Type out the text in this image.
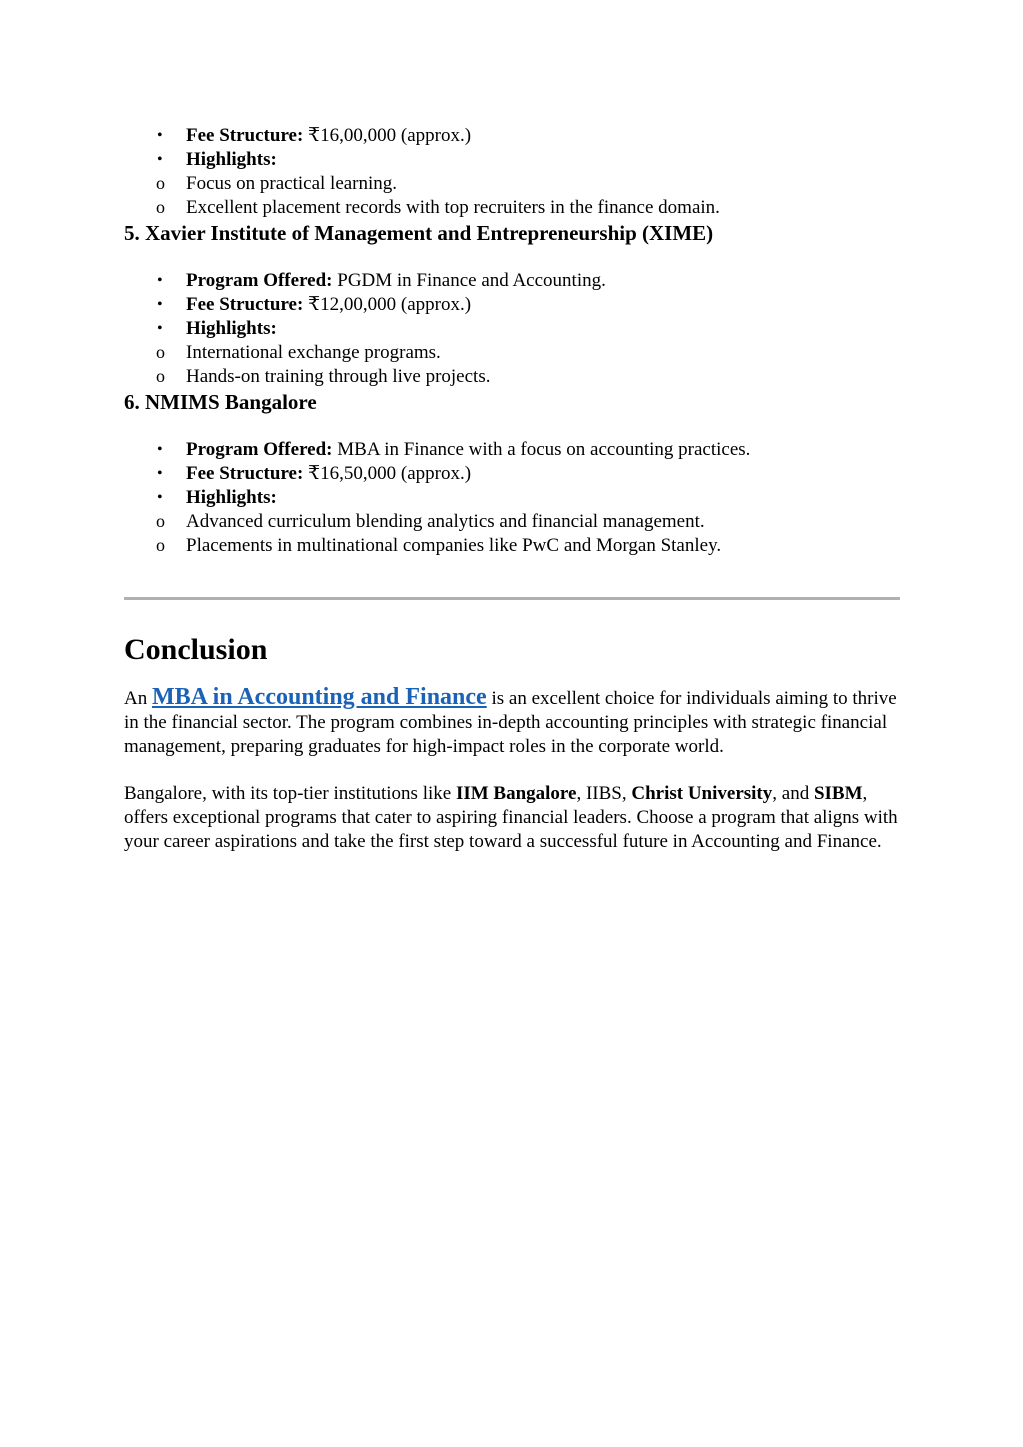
• Fee Structure: ₹16,00,000 (approx.)
• Highlights:
o Focus on practical learning.
o Excellent placement records with top recruiters in the finance domain.
5. Xavier Institute of Management and Entrepreneurship (XIME)
• Program Offered: PGDM in Finance and Accounting.
• Fee Structure: ₹12,00,000 (approx.)
• Highlights:
o International exchange programs.
o Hands-on training through live projects.
6. NMIMS Bangalore
• Program Offered: MBA in Finance with a focus on accounting practices.
• Fee Structure: ₹16,50,000 (approx.)
• Highlights:
o Advanced curriculum blending analytics and financial management.
o Placements in multinational companies like PwC and Morgan Stanley.
Conclusion

An MBA in Accounting and Finance is an excellent choice for individuals aiming to thrive in the financial sector. The program combines in-depth accounting principles with strategic financial management, preparing graduates for high-impact roles in the corporate world.

Bangalore, with its top-tier institutions like IIM Bangalore, IIBS, Christ University, and SIBM, offers exceptional programs that cater to aspiring financial leaders. Choose a program that aligns with your career aspirations and take the first step toward a successful future in Accounting and Finance.
